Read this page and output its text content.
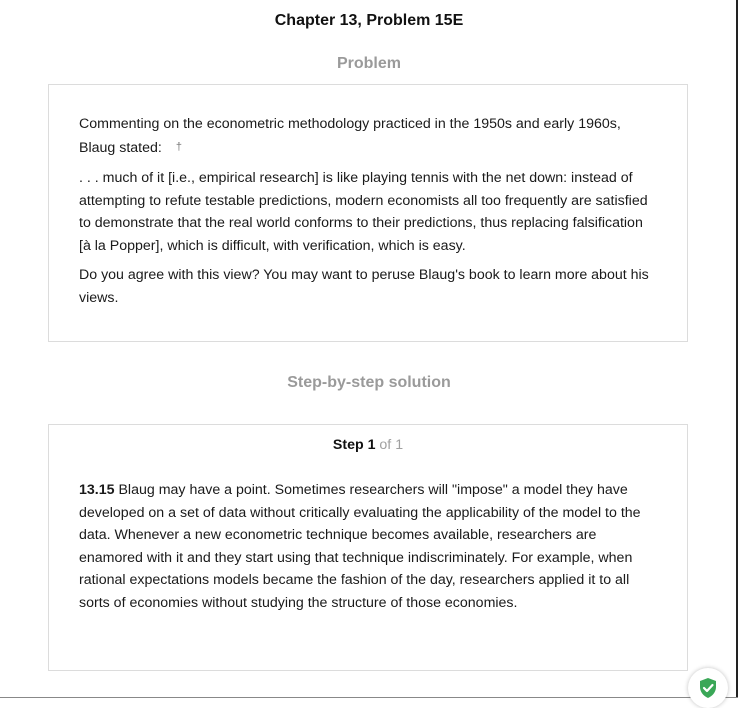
Chapter 13, Problem 15E
Problem

Commenting on the econometric methodology practiced in the 1950s and early 1960s, Blaug stated: †

. . . much of it [i.e., empirical research] is like playing tennis with the net down: instead of attempting to refute testable predictions, modern economists all too frequently are satisfied to demonstrate that the real world conforms to their predictions, thus replacing falsification [à la Popper], which is difficult, with verification, which is easy.

Do you agree with this view? You may want to peruse Blaug's book to learn more about his views.

Step-by-step solution
Step 1 of 1

13.15 Blaug may have a point. Sometimes researchers will "impose" a model they have developed on a set of data without critically evaluating the applicability of the model to the data. Whenever a new econometric technique becomes available, researchers are enamored with it and they start using that technique indiscriminately. For example, when rational expectations models became the fashion of the day, researchers applied it to all sorts of economies without studying the structure of those economies.
